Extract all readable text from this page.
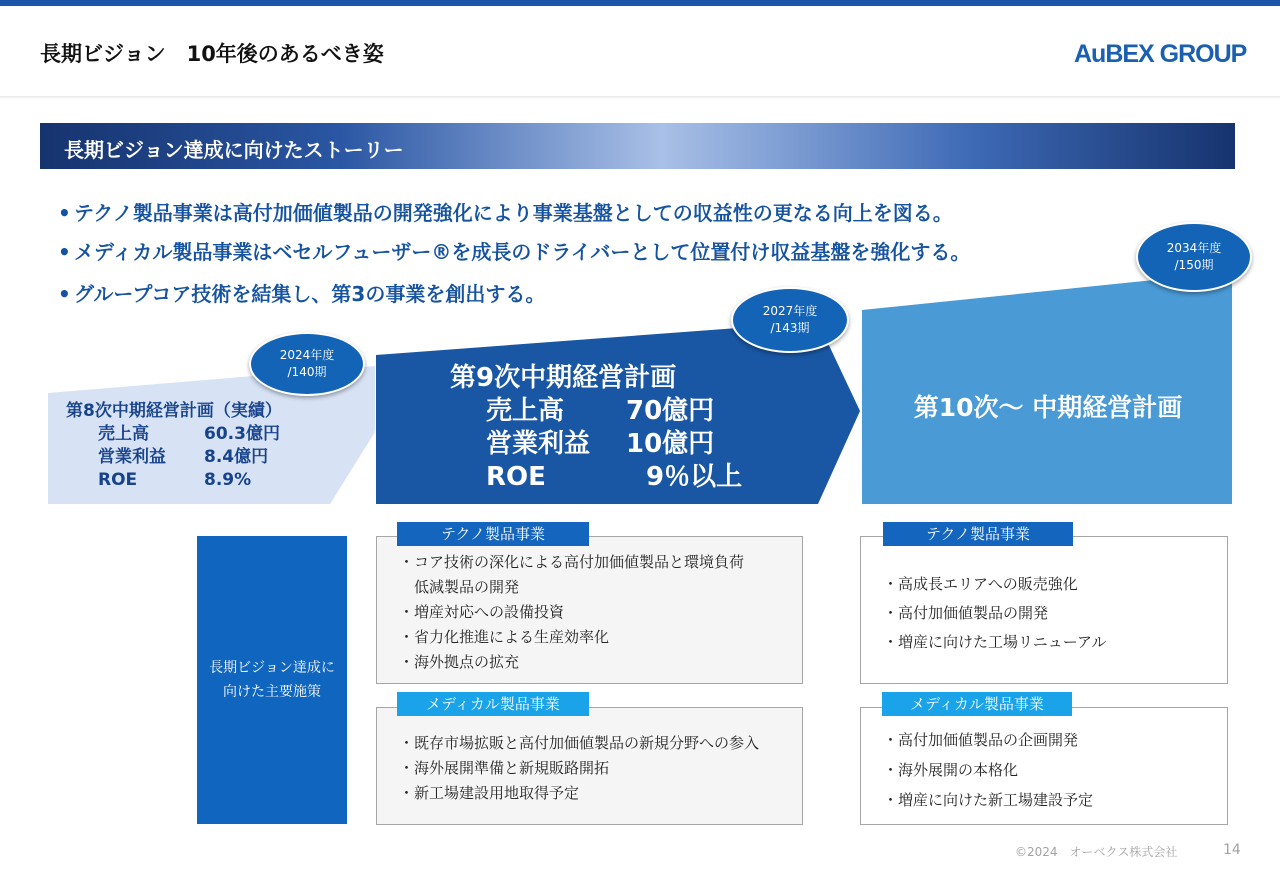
長期ビジョン　10年後のあるべき姿	AuBEX GROUP
長期ビジョン達成に向けたストーリー
• テクノ製品事業は高付加価値製品の開発強化により事業基盤としての収益性の更なる向上を図る。
• メディカル製品事業はベセルフューザー®を成長のドライバーとして位置付け収益基盤を強化する。
• グループコア技術を結集し、第3の事業を創出する。
2024年度
/140期
2027年度
/143期
2034年度
/150期
第8次中期経営計画（実績）
売上高	60.3億円
営業利益	8.4億円
ROE	8.9%
第9次中期経営計画
売上高	70億円
営業利益	10億円
ROE	9％以上
第10次～ 中期経営計画
長期ビジョン達成に
向けた主要施策
・コア技術の深化による高付加価値製品と環境負荷
　低減製品の開発
・増産対応への設備投資
・省力化推進による生産効率化
・海外拠点の拡充
テクノ製品事業
・既存市場拡販と高付加価値製品の新規分野への参入
・海外展開準備と新規販路開拓
・新工場建設用地取得予定
メディカル製品事業
・高成長エリアへの販売強化
・高付加価値製品の開発
・増産に向けた工場リニューアル
テクノ製品事業
・高付加価値製品の企画開発
・海外展開の本格化
・増産に向けた新工場建設予定
メディカル製品事業
©2024　オーベクス株式会社	14
